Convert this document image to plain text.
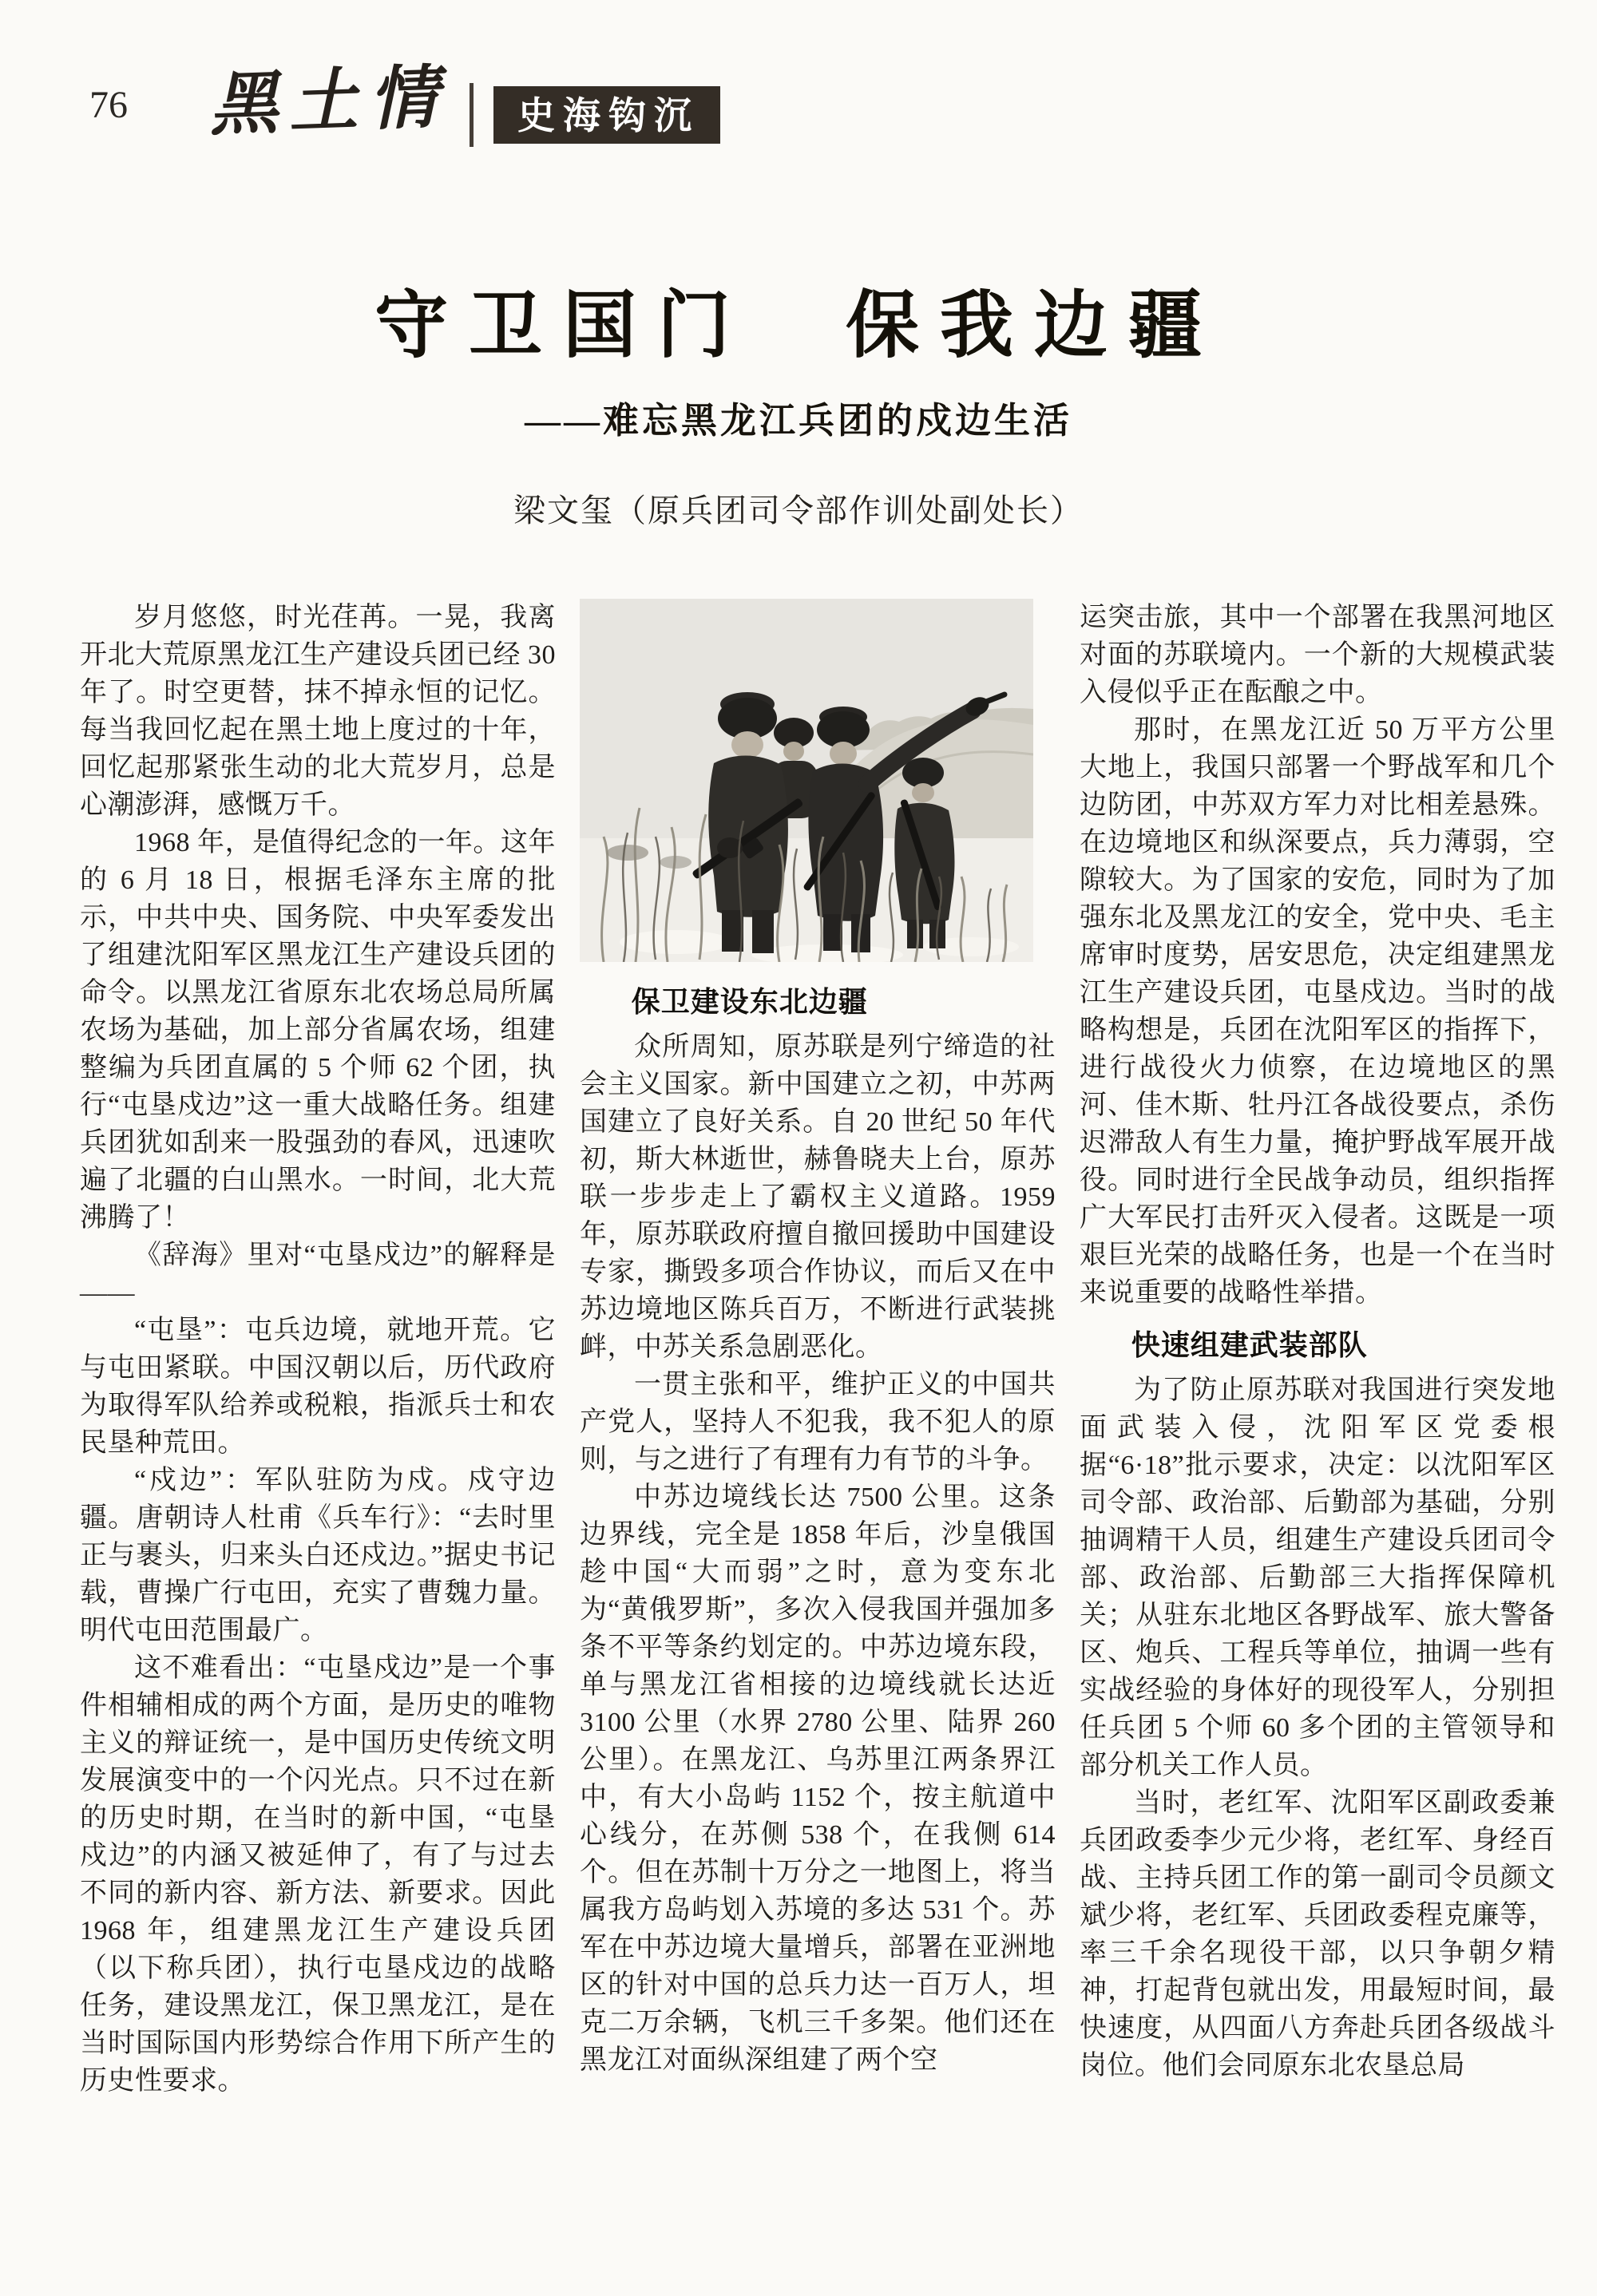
76 黑土情	史海钩沉
守卫国门　保我边疆
——难忘黑龙江兵团的戍边生活
梁文玺（原兵团司令部作训处副处长）

岁月悠悠，时光荏苒。一晃，我离开北大荒原黑龙江生产建设兵团已经 30 年了。时空更替，抹不掉永恒的记忆。每当我回忆起在黑土地上度过的十年，回忆起那紧张生动的北大荒岁月，总是心潮澎湃，感慨万千。

1968 年，是值得纪念的一年。这年的 6 月 18 日，根据毛泽东主席的批示，中共中央、国务院、中央军委发出了组建沈阳军区黑龙江生产建设兵团的命令。以黑龙江省原东北农场总局所属农场为基础，加上部分省属农场，组建整编为兵团直属的 5 个师 62 个团，执行“屯垦戍边”这一重大战略任务。组建兵团犹如刮来一股强劲的春风，迅速吹遍了北疆的白山黑水。一时间，北大荒沸腾了！

《辞海》里对“屯垦戍边”的解释是——

“屯垦”：屯兵边境，就地开荒。它与屯田紧联。中国汉朝以后，历代政府为取得军队给养或税粮，指派兵士和农民垦种荒田。

“戍边”：军队驻防为戍。戍守边疆。唐朝诗人杜甫《兵车行》：“去时里正与裹头，归来头白还戍边。”据史书记载，曹操广行屯田，充实了曹魏力量。明代屯田范围最广。

这不难看出：“屯垦戍边”是一个事件相辅相成的两个方面，是历史的唯物主义的辩证统一，是中国历史传统文明发展演变中的一个闪光点。只不过在新的历史时期，在当时的新中国，“屯垦戍边”的内涵又被延伸了，有了与过去不同的新内容、新方法、新要求。因此 1968 年，组建黑龙江生产建设兵团（以下称兵团），执行屯垦戍边的战略任务，建设黑龙江，保卫黑龙江，是在当时国际国内形势综合作用下所产生的历史性要求。

保卫建设东北边疆

众所周知，原苏联是列宁缔造的社会主义国家。新中国建立之初，中苏两国建立了良好关系。自 20 世纪 50 年代初，斯大林逝世，赫鲁晓夫上台，原苏联一步步走上了霸权主义道路。1959 年，原苏联政府擅自撤回援助中国建设专家，撕毁多项合作协议，而后又在中苏边境地区陈兵百万，不断进行武装挑衅，中苏关系急剧恶化。

一贯主张和平，维护正义的中国共产党人，坚持人不犯我，我不犯人的原则，与之进行了有理有力有节的斗争。

中苏边境线长达 7500 公里。这条边界线，完全是 1858 年后，沙皇俄国趁中国“大而弱”之时，意为变东北为“黄俄罗斯”，多次入侵我国并强加多条不平等条约划定的。中苏边境东段，单与黑龙江省相接的边境线就长达近 3100 公里（水界 2780 公里、陆界 260 公里）。在黑龙江、乌苏里江两条界江中，有大小岛屿 1152 个，按主航道中心线分，在苏侧 538 个，在我侧 614 个。但在苏制十万分之一地图上，将当属我方岛屿划入苏境的多达 531 个。苏军在中苏边境大量增兵，部署在亚洲地区的针对中国的总兵力达一百万人，坦克二万余辆，飞机三千多架。他们还在黑龙江对面纵深组建了两个空

运突击旅，其中一个部署在我黑河地区对面的苏联境内。一个新的大规模武装入侵似乎正在酝酿之中。

那时，在黑龙江近 50 万平方公里大地上，我国只部署一个野战军和几个边防团，中苏双方军力对比相差悬殊。在边境地区和纵深要点，兵力薄弱，空隙较大。为了国家的安危，同时为了加强东北及黑龙江的安全，党中央、毛主席审时度势，居安思危，决定组建黑龙江生产建设兵团，屯垦戍边。当时的战略构想是，兵团在沈阳军区的指挥下，进行战役火力侦察，在边境地区的黑河、佳木斯、牡丹江各战役要点，杀伤迟滞敌人有生力量，掩护野战军展开战役。同时进行全民战争动员，组织指挥广大军民打击歼灭入侵者。这既是一项艰巨光荣的战略任务，也是一个在当时来说重要的战略性举措。

快速组建武装部队

为了防止原苏联对我国进行突发地面武装入侵，沈阳军区党委根据“6·18”批示要求，决定：以沈阳军区司令部、政治部、后勤部为基础，分别抽调精干人员，组建生产建设兵团司令部、政治部、后勤部三大指挥保障机关；从驻东北地区各野战军、旅大警备区、炮兵、工程兵等单位，抽调一些有实战经验的身体好的现役军人，分别担任兵团 5 个师 60 多个团的主管领导和部分机关工作人员。

当时，老红军、沈阳军区副政委兼兵团政委李少元少将，老红军、身经百战、主持兵团工作的第一副司令员颜文斌少将，老红军、兵团政委程克廉等，率三千余名现役干部，以只争朝夕精神，打起背包就出发，用最短时间，最快速度，从四面八方奔赴兵团各级战斗岗位。他们会同原东北农垦总局
